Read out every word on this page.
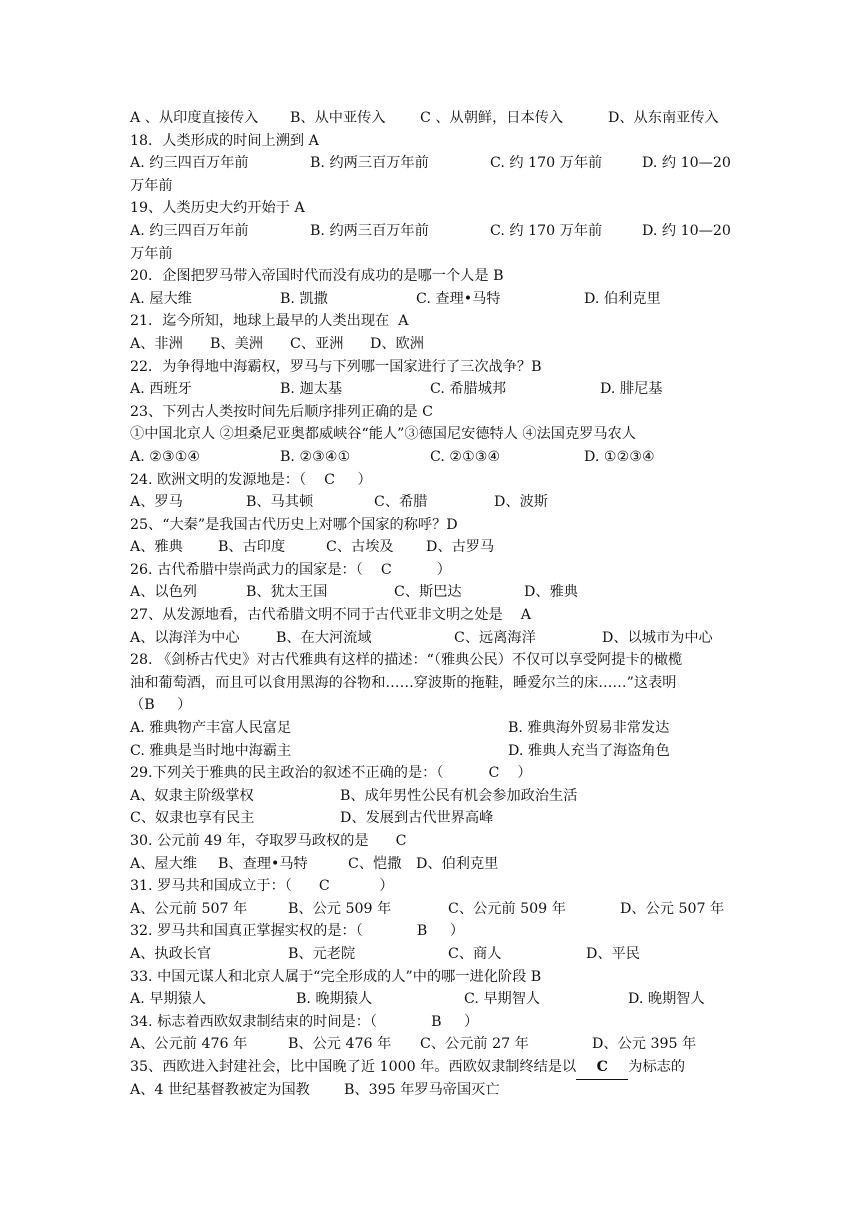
A 、从印度直接传入 B、从中亚传入 C 、从朝鲜，日本传入	D、从东南亚传入
18．人类形成的时间上溯到 A
A. 约三四百万年前	B. 约两三百万年前	C. 约 170 万年前	D. 约 10—20
万年前
19、人类历史大约开始于 A
A. 约三四百万年前	B. 约两三百万年前	C. 约 170 万年前	D. 约 10—20
万年前
20．企图把罗马带入帝国时代而没有成功的是哪一个人是 B
A. 屋大维	B. 凯撒	C. 查理•马特	D. 伯利克里
21．迄今所知，地球上最早的人类出现在  A
A、非洲 B、美洲 C、亚洲 D、欧洲
22．为争得地中海霸权，罗马与下列哪一国家进行了三次战争？B
A. 西班牙	B. 迦太基	C. 希腊城邦	D. 腓尼基
23、下列古人类按时间先后顺序排列正确的是 C
①中国北京人 ②坦桑尼亚奥都威峡谷“能人”③德国尼安德特人 ④法国克罗马农人
A. ②③①④	B. ②③④①	C. ②①③④	D. ①②③④
24. 欧洲文明的发源地是：（    C     ）
A、罗马	B、马其顿	C、希腊	D、波斯
25、“大秦”是我国古代历史上对哪个国家的称呼？D
A、雅典 B、古印度	C、古埃及 D、古罗马
26. 古代希腊中崇尚武力的国家是：（    C          ）
A、以色列	B、犹太王国	C、斯巴达	D、雅典
27、从发源地看，古代希腊文明不同于古代亚非文明之处是    A
A、以海洋为中心	B、在大河流域	C、远离海洋	D、以城市为中心
28. 《剑桥古代史》对古代雅典有这样的描述：“（雅典公民）不仅可以享受阿提卡的橄榄
油和葡萄酒，而且可以食用黑海的谷物和……穿波斯的拖鞋，睡爱尔兰的床……”这表明
（B     ）
A. 雅典物产丰富人民富足	B. 雅典海外贸易非常发达
C. 雅典是当时地中海霸主	D. 雅典人充当了海盗角色
29.下列关于雅典的民主政治的叙述不正确的是：（          C    ）
A、奴隶主阶级掌权	B、成年男性公民有机会参加政治生活
C、奴隶也享有民主	D、发展到古代世界高峰
30. 公元前 49 年，夺取罗马政权的是      C
A、屋大维 B、查理•马特	C、恺撒 D、伯利克里
31. 罗马共和国成立于：（      C           ）
A、公元前 507 年	B、公元 509 年	C、公元前 509 年	D、公元 507 年
32. 罗马共和国真正掌握实权的是：（            B     ）
A、执政长官	B、元老院	C、商人	D、平民
33. 中国元谋人和北京人属于“完全形成的人”中的哪一进化阶段 B
A. 早期猿人	B. 晚期猿人	C. 早期智人	D. 晚期智人
34. 标志着西欧奴隶制结束的时间是：（            B     ）
A、公元前 476 年	B、公元 476 年 C、公元前 27 年	D、公元 395 年
35、西欧进入封建社会，比中国晚了近 1000 年。西欧奴隶制终结是以 C 为标志的
A、4 世纪基督教被定为国教 B、395 年罗马帝国灭亡
